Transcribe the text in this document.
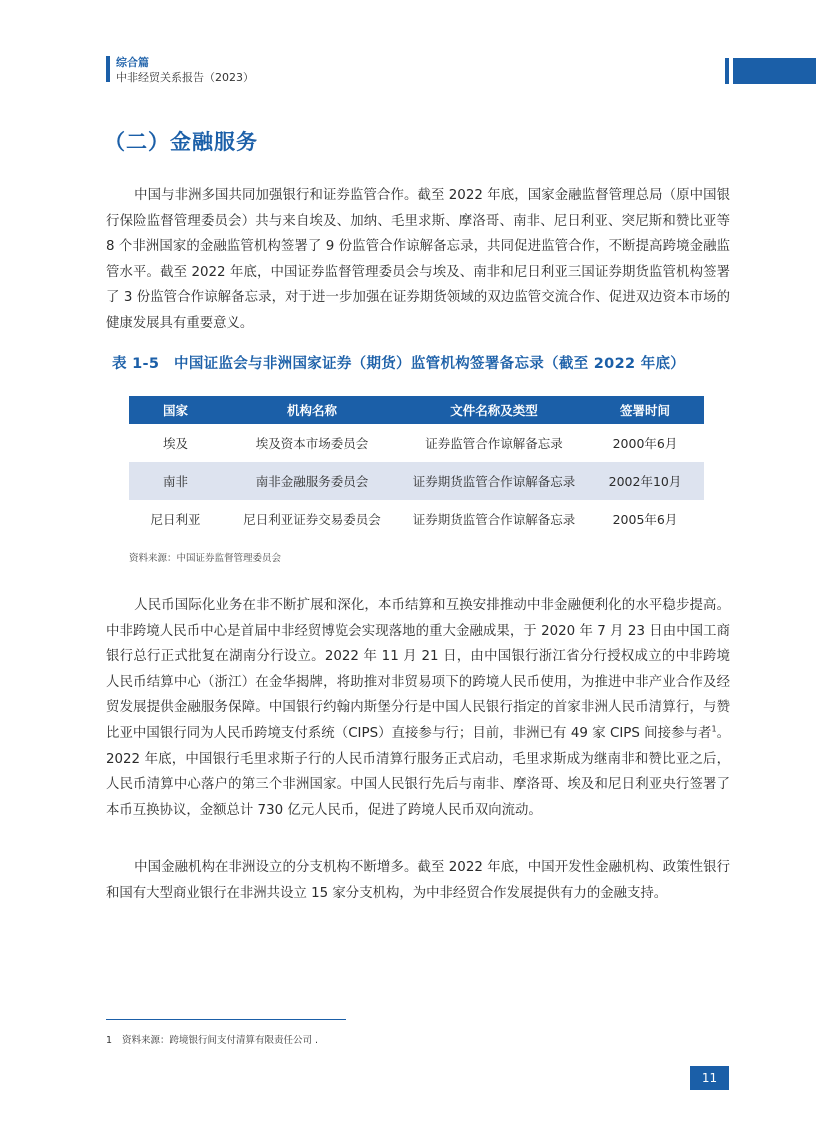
综合篇
中非经贸关系报告（2023）
（二）金融服务

中国与非洲多国共同加强银行和证券监管合作。截至 2022 年底，国家金融监督管理总局（原中国银行保险监督管理委员会）共与来自埃及、加纳、毛里求斯、摩洛哥、南非、尼日利亚、突尼斯和赞比亚等 8 个非洲国家的金融监管机构签署了 9 份监管合作谅解备忘录，共同促进监管合作，不断提高跨境金融监管水平。截至 2022 年底，中国证券监督管理委员会与埃及、南非和尼日利亚三国证券期货监管机构签署了 3 份监管合作谅解备忘录，对于进一步加强在证券期货领域的双边监管交流合作、促进双边资本市场的健康发展具有重要意义。

表 1-5　中国证监会与非洲国家证券（期货）监管机构签署备忘录（截至 2022 年底）
国家	机构名称	文件名称及类型	签署时间
埃及	埃及资本市场委员会	证券监管合作谅解备忘录	2000年6月
南非	南非金融服务委员会	证券期货监管合作谅解备忘录	2002年10月
尼日利亚	尼日利亚证券交易委员会	证券期货监管合作谅解备忘录	2005年6月
资料来源：中国证券监督管理委员会

人民币国际化业务在非不断扩展和深化，本币结算和互换安排推动中非金融便利化的水平稳步提高。中非跨境人民币中心是首届中非经贸博览会实现落地的重大金融成果，于 2020 年 7 月 23 日由中国工商银行总行正式批复在湖南分行设立。2022 年 11 月 21 日，由中国银行浙江省分行授权成立的中非跨境人民币结算中心（浙江）在金华揭牌，将助推对非贸易项下的跨境人民币使用，为推进中非产业合作及经贸发展提供金融服务保障。中国银行约翰内斯堡分行是中国人民银行指定的首家非洲人民币清算行，与赞比亚中国银行同为人民币跨境支付系统（CIPS）直接参与行；目前，非洲已有 49 家 CIPS 间接参与者$^1$。2022 年底，中国银行毛里求斯子行的人民币清算行服务正式启动，毛里求斯成为继南非和赞比亚之后，人民币清算中心落户的第三个非洲国家。中国人民银行先后与南非、摩洛哥、埃及和尼日利亚央行签署了本币互换协议，金额总计 730 亿元人民币，促进了跨境人民币双向流动。

中国金融机构在非洲设立的分支机构不断增多。截至 2022 年底，中国开发性金融机构、政策性银行和国有大型商业银行在非洲共设立 15 家分支机构，为中非经贸合作发展提供有力的金融支持。

1 资料来源：跨境银行间支付清算有限责任公司 .
11
